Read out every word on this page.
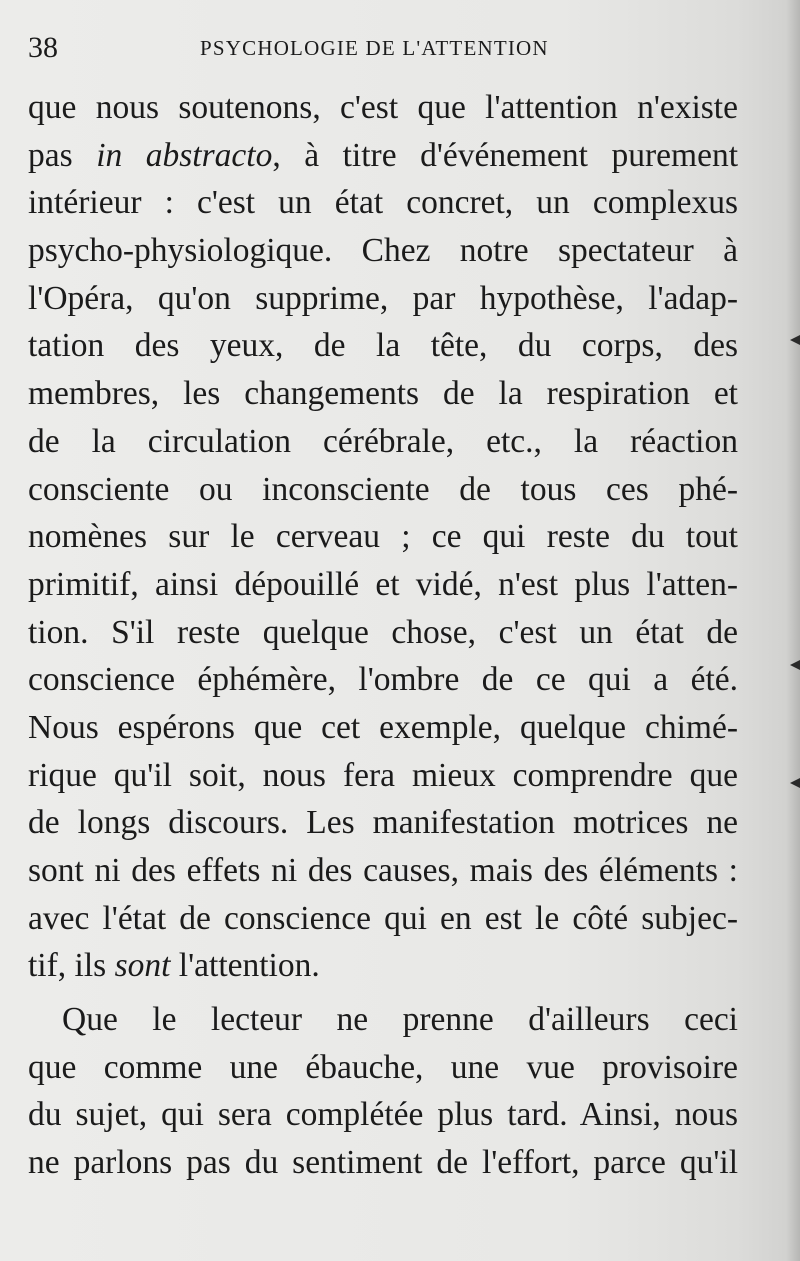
38	PSYCHOLOGIE DE L'ATTENTION
que nous soutenons, c'est que l'attention n'existe
pas in abstracto, à titre d'événement purement
intérieur : c'est un état concret, un complexus
psycho-physiologique. Chez notre spectateur à
l'Opéra, qu'on supprime, par hypothèse, l'adap-
tation des yeux, de la tête, du corps, des
membres, les changements de la respiration et
de la circulation cérébrale, etc., la réaction
consciente ou inconsciente de tous ces phé-
nomènes sur le cerveau ; ce qui reste du tout
primitif, ainsi dépouillé et vidé, n'est plus l'atten-
tion. S'il reste quelque chose, c'est un état de
conscience éphémère, l'ombre de ce qui a été.
Nous espérons que cet exemple, quelque chimé-
rique qu'il soit, nous fera mieux comprendre que
de longs discours. Les manifestation motrices ne
sont ni des effets ni des causes, mais des éléments :
avec l'état de conscience qui en est le côté subjec-
tif, ils sont l'attention.
Que le lecteur ne prenne d'ailleurs ceci
que comme une ébauche, une vue provisoire
du sujet, qui sera complétée plus tard. Ainsi, nous
ne parlons pas du sentiment de l'effort, parce qu'il
